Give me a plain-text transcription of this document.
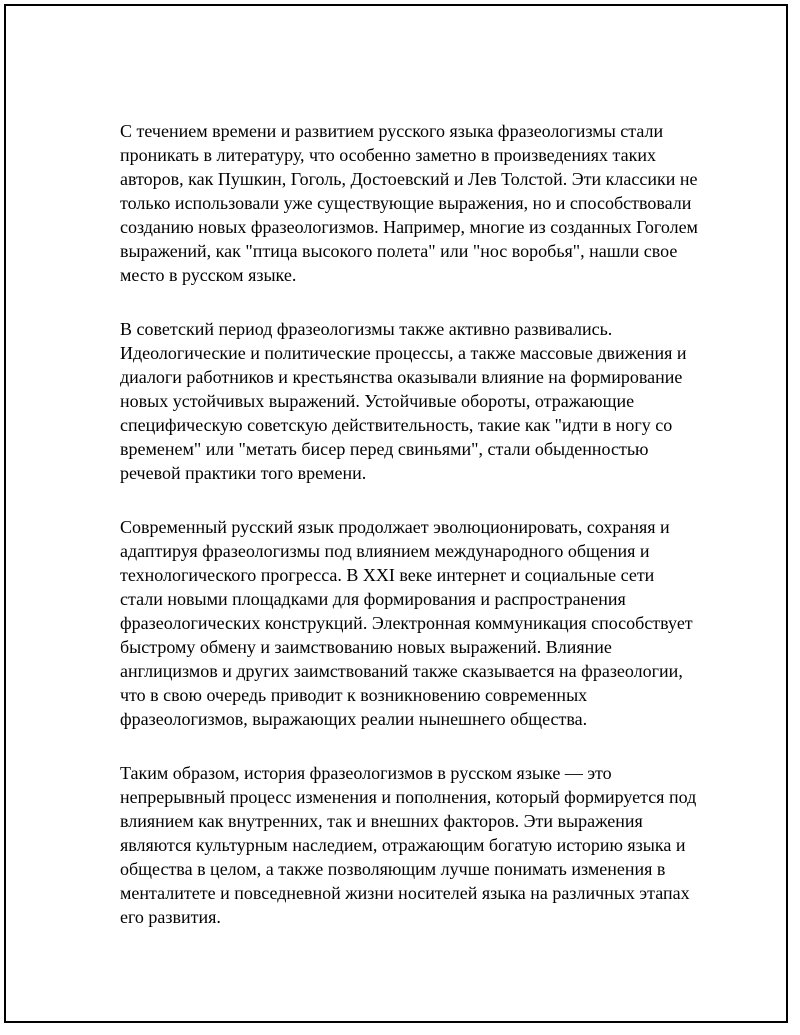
С течением времени и развитием русского языка фразеологизмы стали проникать в литературу, что особенно заметно в произведениях таких авторов, как Пушкин, Гоголь, Достоевский и Лев Толстой. Эти классики не только использовали уже существующие выражения, но и способствовали созданию новых фразеологизмов. Например, многие из созданных Гоголем выражений, как "птица высокого полета" или "нос воробья", нашли свое место в русском языке.

В советский период фразеологизмы также активно развивались. Идеологические и политические процессы, а также массовые движения и диалоги работников и крестьянства оказывали влияние на формирование новых устойчивых выражений. Устойчивые обороты, отражающие специфическую советскую действительность, такие как "идти в ногу со временем" или "метать бисер перед свиньями", стали обыденностью речевой практики того времени.

Современный русский язык продолжает эволюционировать, сохраняя и адаптируя фразеологизмы под влиянием международного общения и технологического прогресса. В XXI веке интернет и социальные сети стали новыми площадками для формирования и распространения фразеологических конструкций. Электронная коммуникация способствует быстрому обмену и заимствованию новых выражений. Влияние англицизмов и других заимствований также сказывается на фразеологии, что в свою очередь приводит к возникновению современных фразеологизмов, выражающих реалии нынешнего общества.

Таким образом, история фразеологизмов в русском языке — это непрерывный процесс изменения и пополнения, который формируется под влиянием как внутренних, так и внешних факторов. Эти выражения являются культурным наследием, отражающим богатую историю языка и общества в целом, а также позволяющим лучше понимать изменения в менталитете и повседневной жизни носителей языка на различных этапах его развития.
